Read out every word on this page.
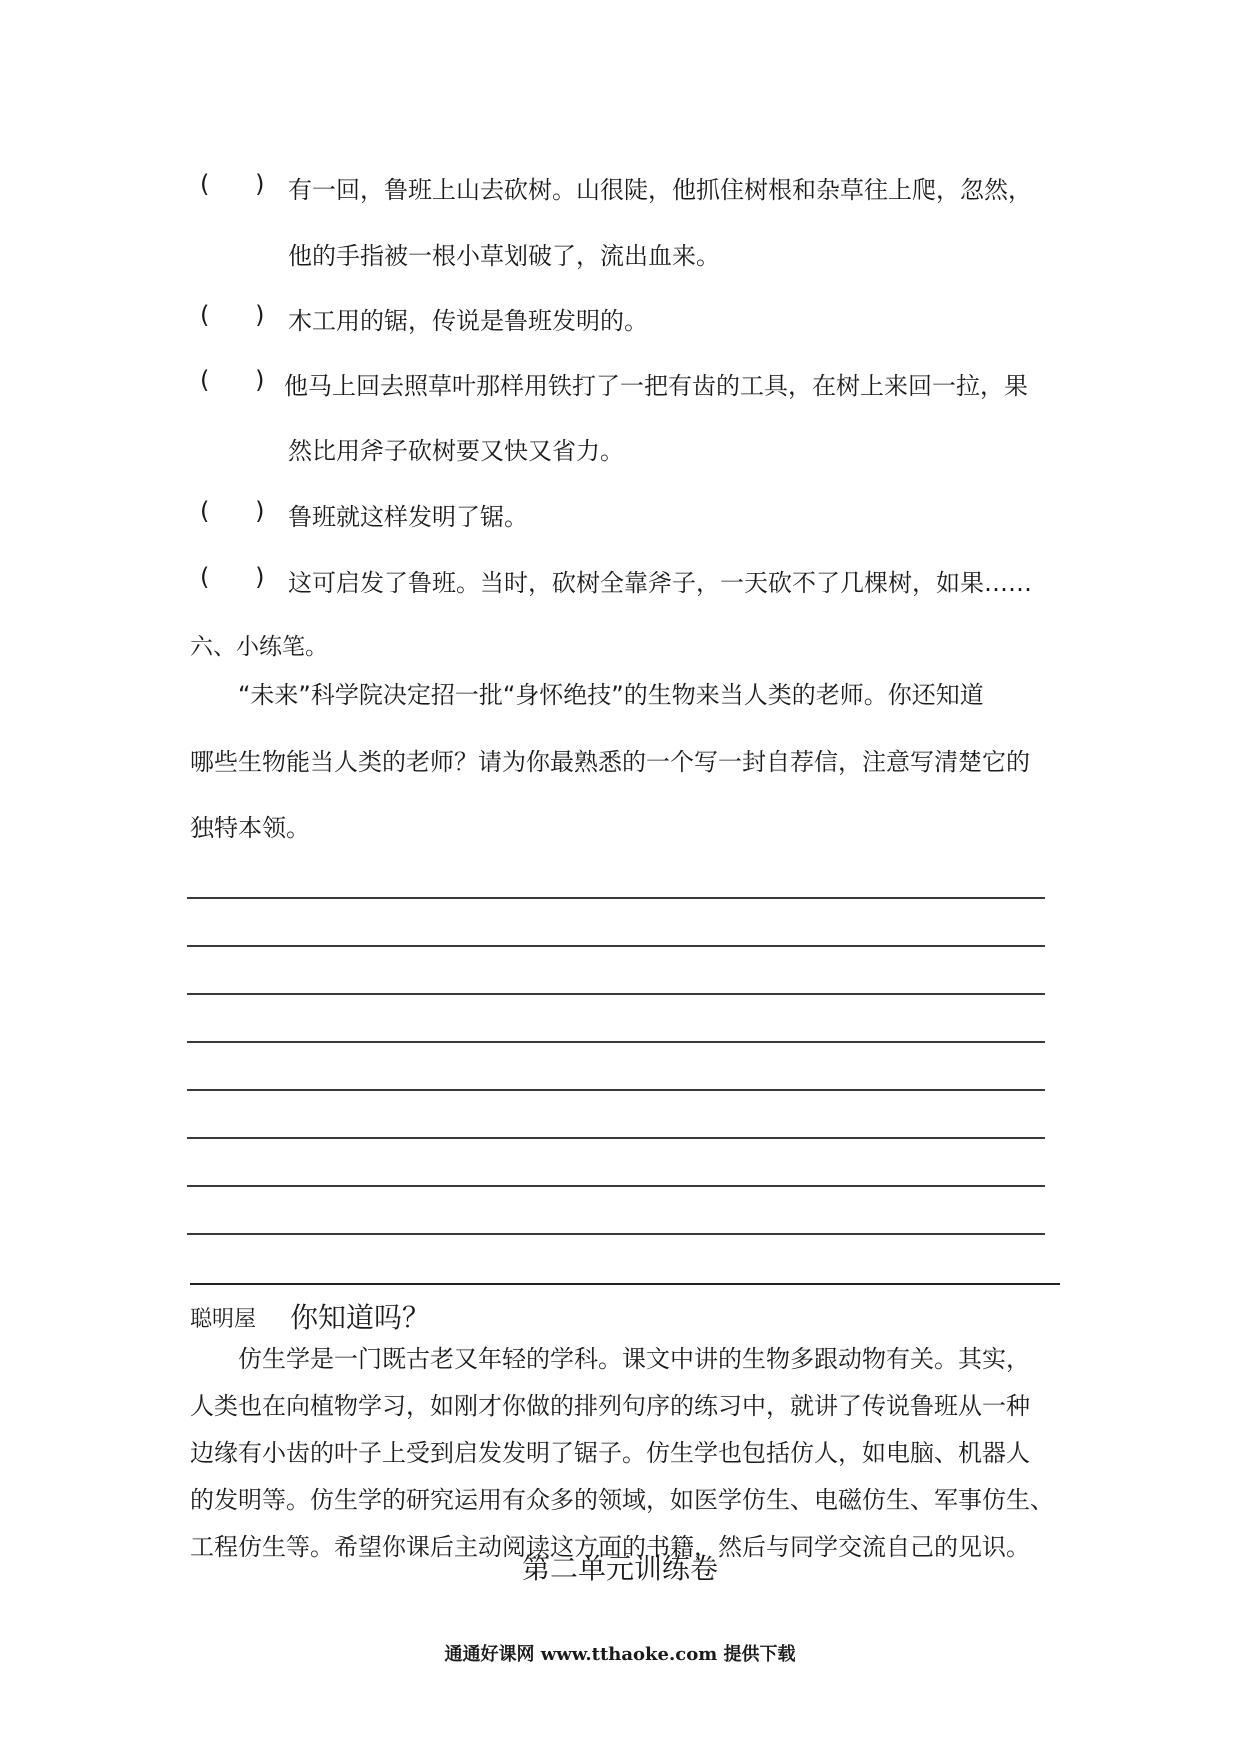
(      ) 有一回，鲁班上山去砍树。山很陡，他抓住树根和杂草往上爬，忽然，
他的手指被一根小草划破了，流出血来。
(      ) 木工用的锯，传说是鲁班发明的。
(      ) 他马上回去照草叶那样用铁打了一把有齿的工具，在树上来回一拉，果
然比用斧子砍树要又快又省力。
(      ) 鲁班就这样发明了锯。
(      ) 这可启发了鲁班。当时，砍树全靠斧子，一天砍不了几棵树，如果……
六、小练笔。
　　“未来”科学院决定招一批“身怀绝技”的生物来当人类的老师。你还知道
哪些生物能当人类的老师？请为你最熟悉的一个写一封自荐信，注意写清楚它的
独特本领。
聪明屋 你知道吗？
　　仿生学是一门既古老又年轻的学科。课文中讲的生物多跟动物有关。其实，
人类也在向植物学习，如刚才你做的排列句序的练习中，就讲了传说鲁班从一种
边缘有小齿的叶子上受到启发发明了锯子。仿生学也包括仿人，如电脑、机器人
的发明等。仿生学的研究运用有众多的领域，如医学仿生、电磁仿生、军事仿生、
工程仿生等。希望你课后主动阅读这方面的书籍，然后与同学交流自己的见识。
第二单元训练卷
通通好课网 www.tthaoke.com 提供下载
